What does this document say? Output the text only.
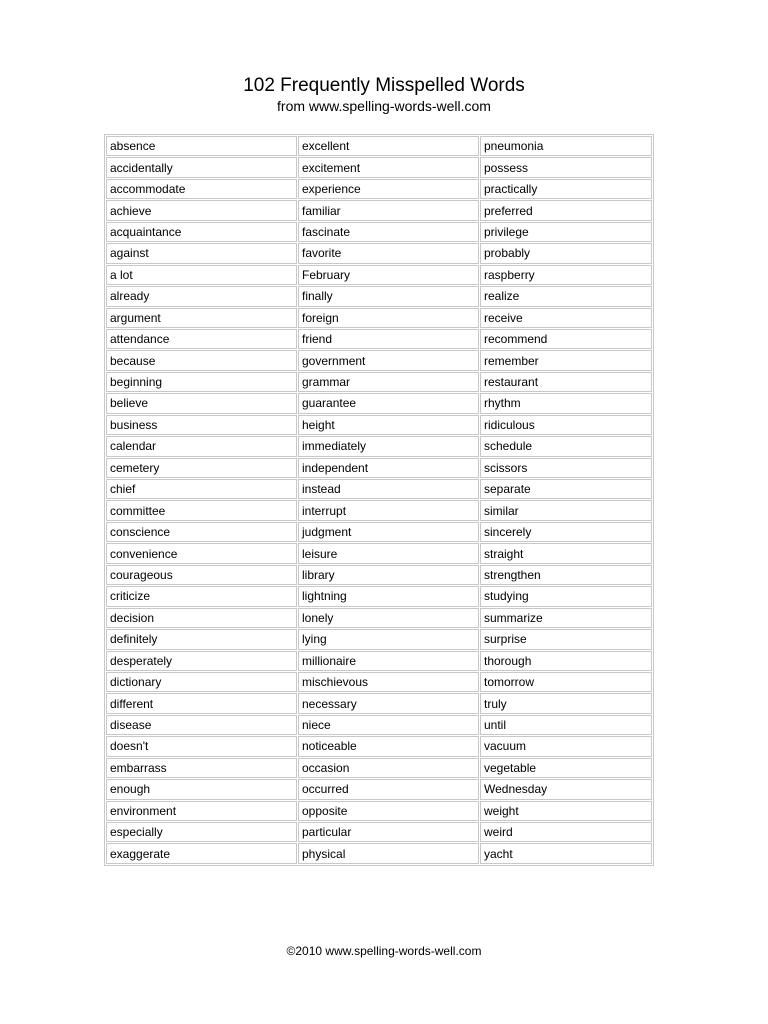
102 Frequently Misspelled Words
from www.spelling-words-well.com
absence	excellent	pneumonia
accidentally	excitement	possess
accommodate	experience	practically
achieve	familiar	preferred
acquaintance	fascinate	privilege
against	favorite	probably
a lot	February	raspberry
already	finally	realize
argument	foreign	receive
attendance	friend	recommend
because	government	remember
beginning	grammar	restaurant
believe	guarantee	rhythm
business	height	ridiculous
calendar	immediately	schedule
cemetery	independent	scissors
chief	instead	separate
committee	interrupt	similar
conscience	judgment	sincerely
convenience	leisure	straight
courageous	library	strengthen
criticize	lightning	studying
decision	lonely	summarize
definitely	lying	surprise
desperately	millionaire	thorough
dictionary	mischievous	tomorrow
different	necessary	truly
disease	niece	until
doesn't	noticeable	vacuum
embarrass	occasion	vegetable
enough	occurred	Wednesday
environment	opposite	weight
especially	particular	weird
exaggerate	physical	yacht
©2010 www.spelling-words-well.com
